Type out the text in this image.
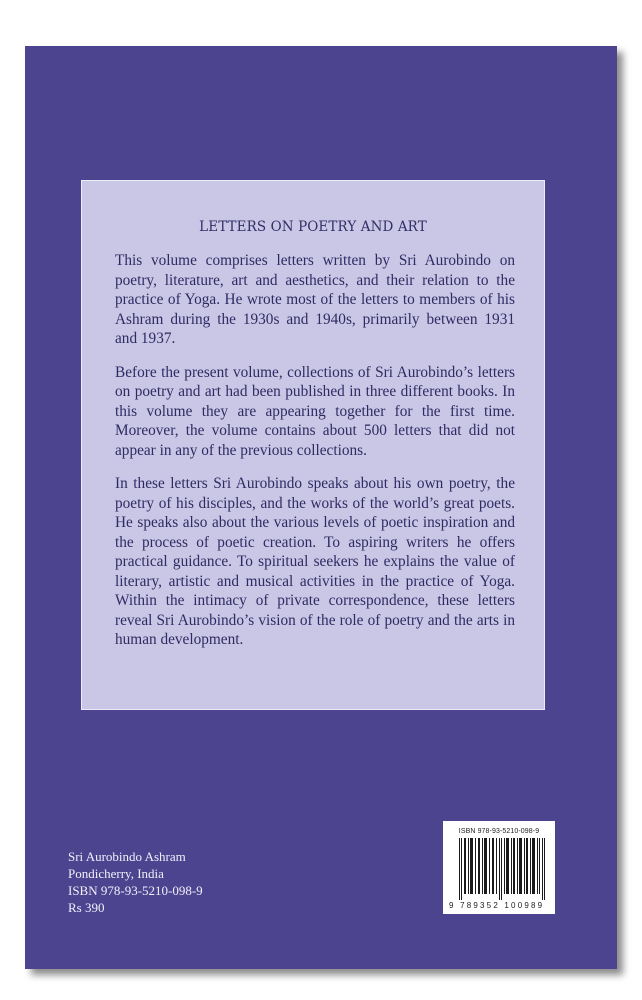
LETTERS ON POETRY AND ART

This volume comprises letters written by Sri Aurobindo on poetry, literature, art and aesthetics, and their relation to the practice of Yoga. He wrote most of the letters to members of his Ashram during the 1930s and 1940s, primarily between 1931 and 1937.

Before the present volume, collections of Sri Aurobindo’s letters on poetry and art had been published in three different books. In this volume they are appearing together for the first time. Moreover, the volume contains about 500 letters that did not appear in any of the previous collections.

In these letters Sri Aurobindo speaks about his own poetry, the poetry of his disciples, and the works of the world’s great poets. He speaks also about the various levels of poetic inspiration and the process of poetic creation. To aspiring writers he offers practical guidance. To spiritual seekers he explains the value of literary, artistic and musical activities in the practice of Yoga. Within the intimacy of private correspondence, these letters reveal Sri Aurobindo’s vision of the role of poetry and the arts in human development.

Sri Aurobindo Ashram
Pondicherry, India
ISBN 978-93-5210-098-9
Rs 390
ISBN 978-93-5210-098-9
9 789352 100989
